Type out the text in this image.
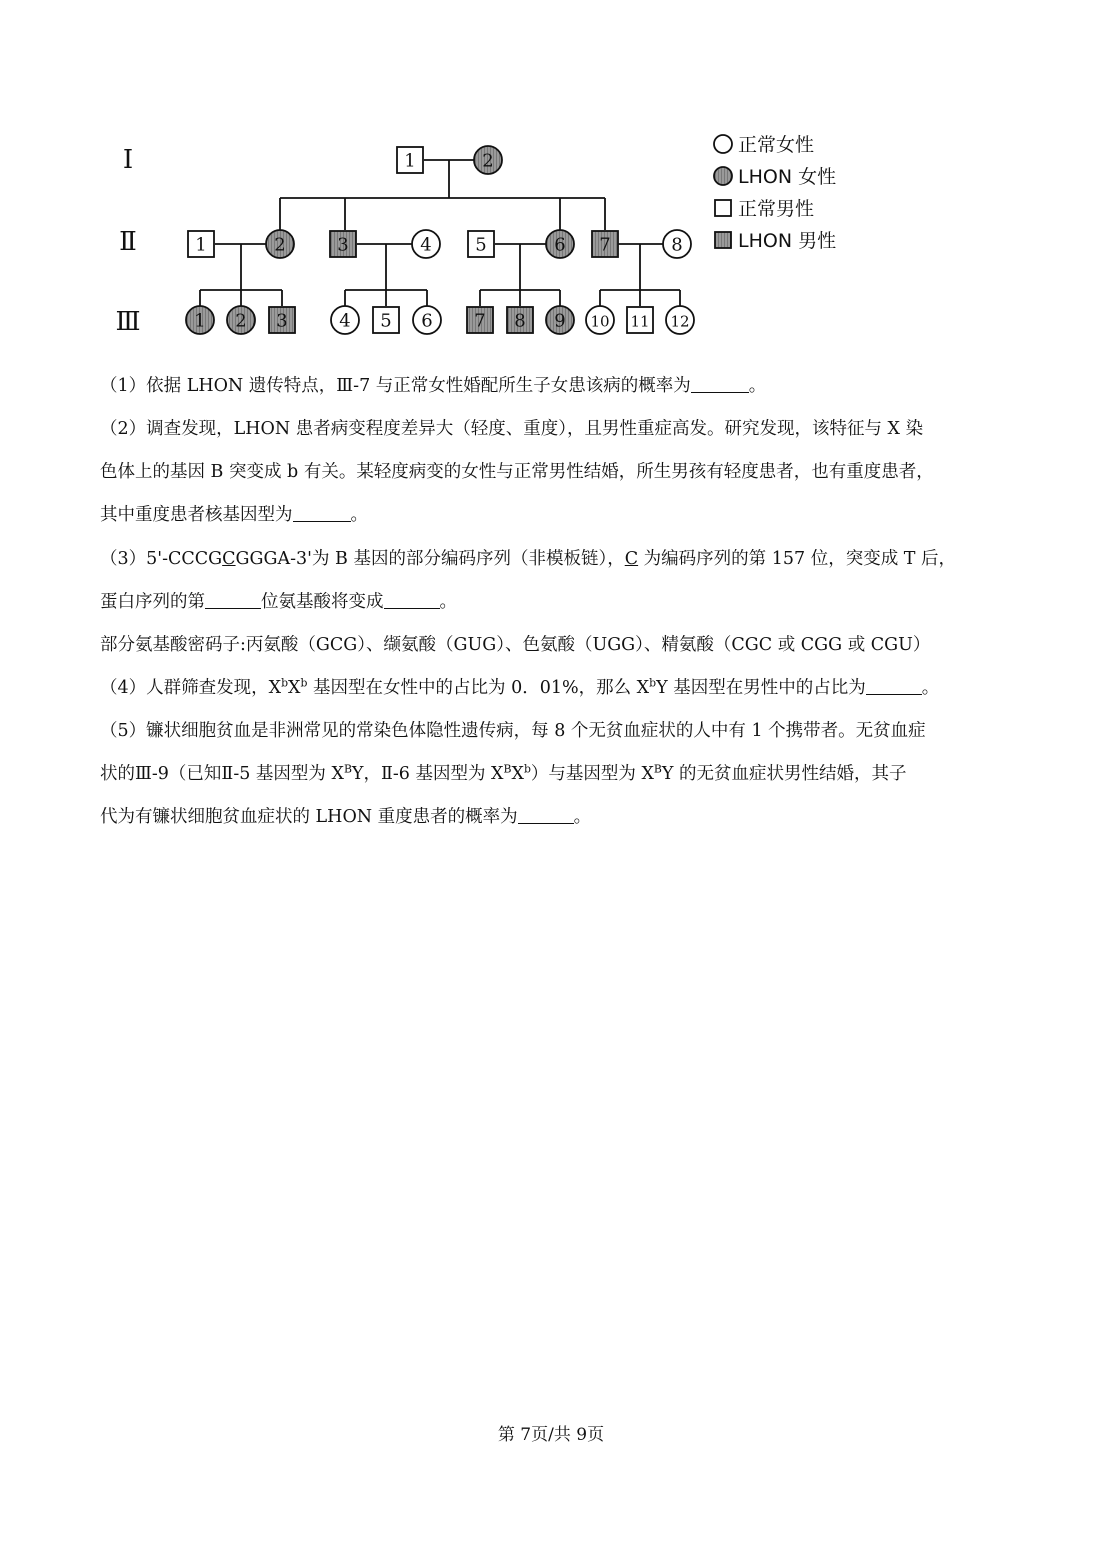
Ⅰ
Ⅱ
Ⅲ
1	2
1	2	3	4 5	6 7	8
1 2 3	4 5 6 7 8 9 10 11 12
正常女性
LHON 女性
正常男性
LHON 男性

（1）依据 LHON 遗传特点，Ⅲ-7 与正常女性婚配所生子女患该病的概率为	。

（2）调查发现，LHON 患者病变程度差异大（轻度、重度），且男性重症高发。研究发现，该特征与 X 染

色体上的基因 B 突变成 b 有关。某轻度病变的女性与正常男性结婚，所生男孩有轻度患者，也有重度患者，

其中重度患者核基因型为	。

（3）5'-CCCGCGGGA-3'为 B 基因的部分编码序列（非模板链），C 为编码序列的第 157 位，突变成 T 后，

蛋白序列的第	位氨基酸将变成	。

部分氨基酸密码子:丙氨酸（GCG）、缬氨酸（GUG）、色氨酸（UGG）、精氨酸（CGC 或 CGG 或 CGU）

（4）人群筛查发现，$X^bX^b$ 基因型在女性中的占比为 0．01%，那么 $X^bY$ 基因型在男性中的占比为	。

（5）镰状细胞贫血是非洲常见的常染色体隐性遗传病，每 8 个无贫血症状的人中有 1 个携带者。无贫血症

状的Ⅲ-9（已知Ⅱ-5 基因型为 $X^BY$，Ⅱ-6 基因型为 $X^BX^b$）与基因型为 $X^BY$ 的无贫血症状男性结婚，其子

代为有镰状细胞贫血症状的 LHON 重度患者的概率为	。

第 7页/共 9页
